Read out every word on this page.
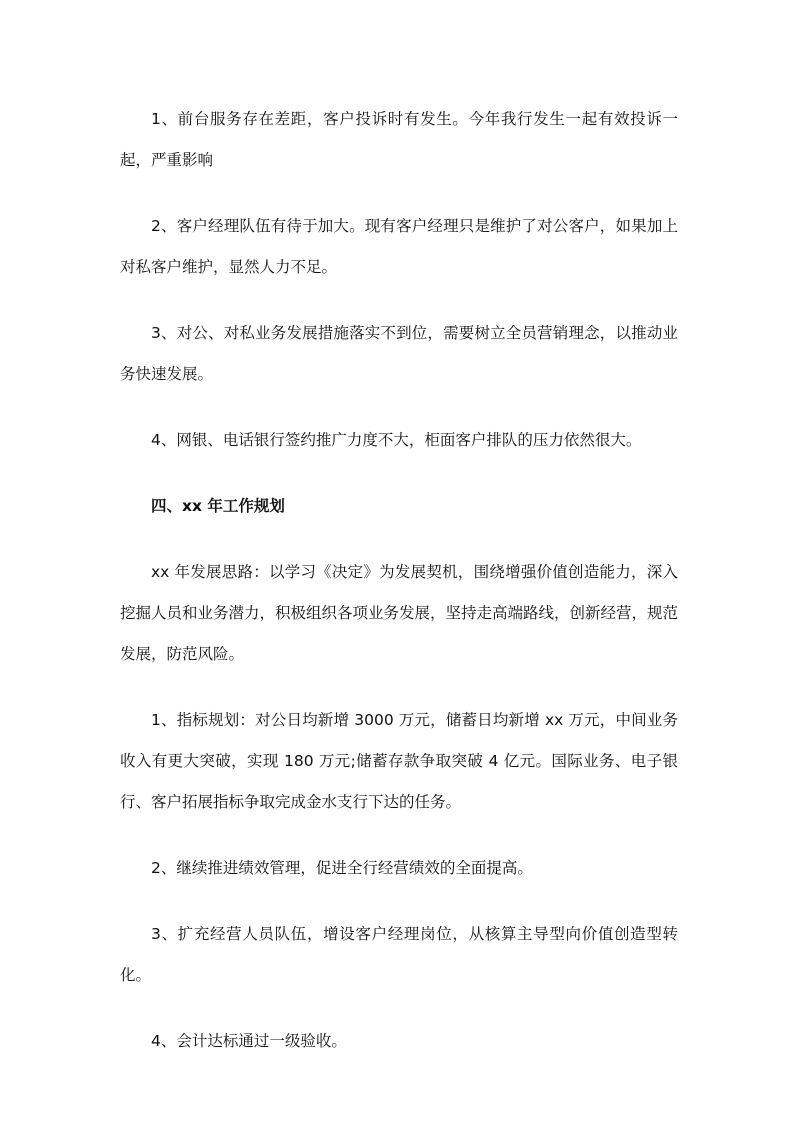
1、前台服务存在差距，客户投诉时有发生。今年我行发生一起有效投诉一起，严重影响

2、客户经理队伍有待于加大。现有客户经理只是维护了对公客户，如果加上对私客户维护，显然人力不足。

3、对公、对私业务发展措施落实不到位，需要树立全员营销理念，以推动业务快速发展。

4、网银、电话银行签约推广力度不大，柜面客户排队的压力依然很大。

四、xx 年工作规划

xx 年发展思路：以学习《决定》为发展契机，围绕增强价值创造能力，深入挖掘人员和业务潜力，积极组织各项业务发展，坚持走高端路线，创新经营，规范发展，防范风险。

1、指标规划：对公日均新增 3000 万元，储蓄日均新增 xx 万元，中间业务收入有更大突破，实现 180 万元;储蓄存款争取突破 4 亿元。国际业务、电子银行、客户拓展指标争取完成金水支行下达的任务。

2、继续推进绩效管理，促进全行经营绩效的全面提高。

3、扩充经营人员队伍，增设客户经理岗位，从核算主导型向价值创造型转化。

4、会计达标通过一级验收。
